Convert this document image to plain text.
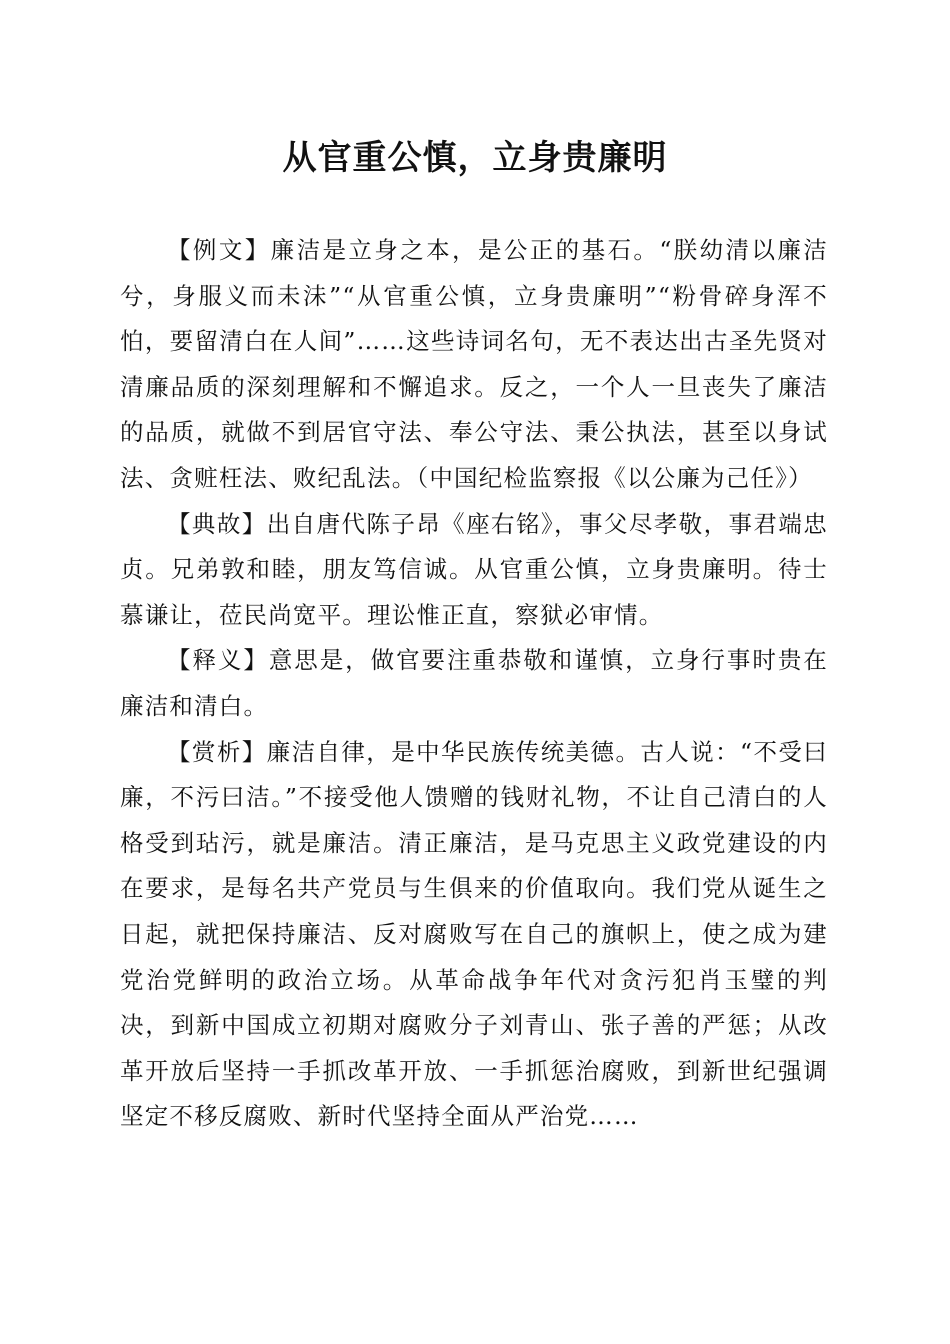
从官重公慎，立身贵廉明

【例文】廉洁是立身之本，是公正的基石。“朕幼清以廉洁兮，身服义而未沬”“从官重公慎，立身贵廉明”“粉骨碎身浑不怕，要留清白在人间”……这些诗词名句，无不表达出古圣先贤对清廉品质的深刻理解和不懈追求。反之，一个人一旦丧失了廉洁的品质，就做不到居官守法、奉公守法、秉公执法，甚至以身试法、贪赃枉法、败纪乱法。（中国纪检监察报《以公廉为己任》）

【典故】出自唐代陈子昂《座右铭》，事父尽孝敬，事君端忠贞。兄弟敦和睦，朋友笃信诚。从官重公慎，立身贵廉明。待士慕谦让，莅民尚宽平。理讼惟正直，察狱必审情。

【释义】意思是，做官要注重恭敬和谨慎，立身行事时贵在廉洁和清白。

【赏析】廉洁自律，是中华民族传统美德。古人说：“不受曰廉，不污曰洁。”不接受他人馈赠的钱财礼物，不让自己清白的人格受到玷污，就是廉洁。清正廉洁，是马克思主义政党建设的内在要求，是每名共产党员与生俱来的价值取向。我们党从诞生之日起，就把保持廉洁、反对腐败写在自己的旗帜上，使之成为建党治党鲜明的政治立场。从革命战争年代对贪污犯肖玉璧的判决，到新中国成立初期对腐败分子刘青山、张子善的严惩；从改革开放后坚持一手抓改革开放、一手抓惩治腐败，到新世纪强调坚定不移反腐败、新时代坚持全面从严治党……
